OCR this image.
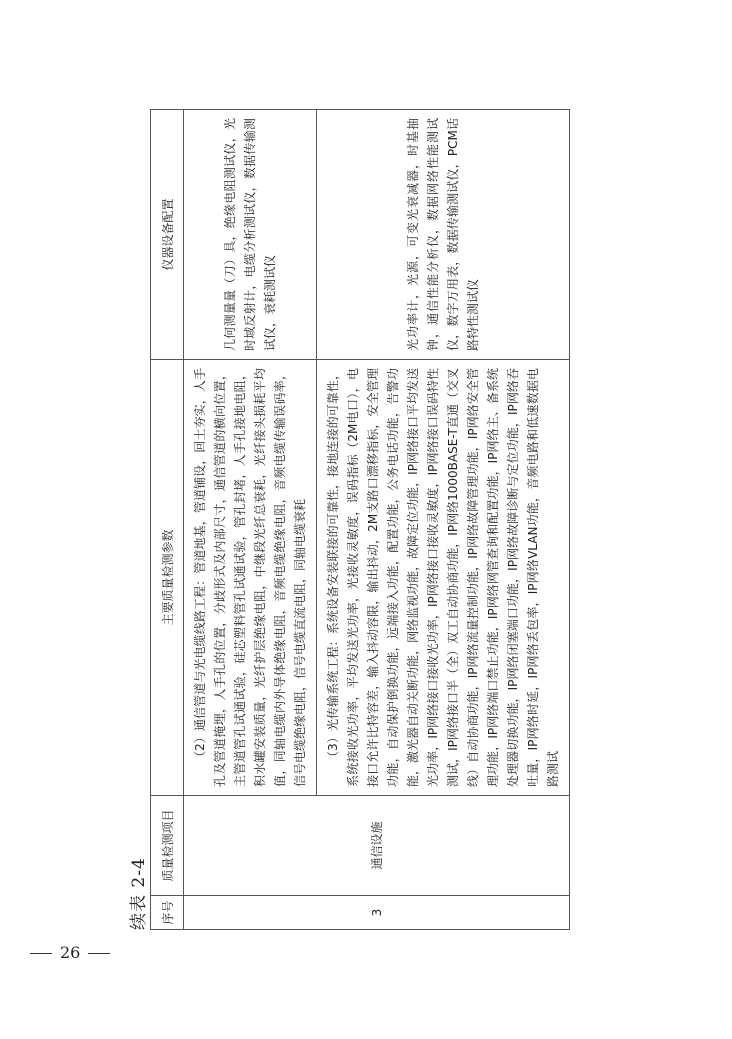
续表 2-4 序号	质量检测项目	主要质量检测参数	仪器设备配置
3	通信设施	（2）通信管道与光电缆线路工程：管道地基，管道铺设，回土夯实，人手孔及管道掩埋，人手孔的位置，分歧形式及内部尺寸，通信管道的横向位置，主管道管孔试通试验，硅芯塑料管孔试通试验，管孔封堵，人手孔接地电阻，积水罐安装质量，光纤护层绝缘电阻，中继段光纤总衰耗，光纤接头损耗平均值，同轴电缆内外导体绝缘电阻，音频电缆绝缘电阻，音频电缆传输误码率，信号电缆绝缘电阻，信号电缆直流电阻，同轴电缆衰耗	几何测量量（刀）具，绝缘电阻测试仪，光时域反射计，电缆分析测试仪，数据传输测试仪，衰耗测试仪

		（3）光传输系统工程：系统设备安装联接的可靠性，接地连接的可靠性，系统接收光功率，平均发送光功率，光接收灵敏度，误码指标（2M电口），电接口允许比特容差，输入抖动容限，输出抖动，2M支路口漂移指标，安全管理功能，自动保护倒换功能，远端接入功能，配置功能，公务电话功能，告警功能，激光器自动关断功能，网络监视功能，故障定位功能，IP网络接口平均发送光功率，IP网络接口接收光功率，IP网络接口接收灵敏度，IP网络接口误码特性测试，IP网络接口半（全）双工自动协商功能，IP网络1000BASE-T直通（交叉线）自动协商功能，IP网络流量控制功能，IP网络故障管理功能，IP网络安全管理功能，IP网络端口禁止功能，IP网络网管查询和配置功能，IP网络主、备系统处理器切换功能，IP网络闭塞端口功能，IP网络故障诊断与定位功能，IP网络吞吐量，IP网络时延，IP网络丢包率，IP网络VLAN功能，音频电路和低速数据电路测试	光功率计，光源，可变光衰减器，时基抽钟，通信性能分析仪，数据网络性能测试仪，数字万用表，数据传输测试仪，PCM话路特性测试仪

26
